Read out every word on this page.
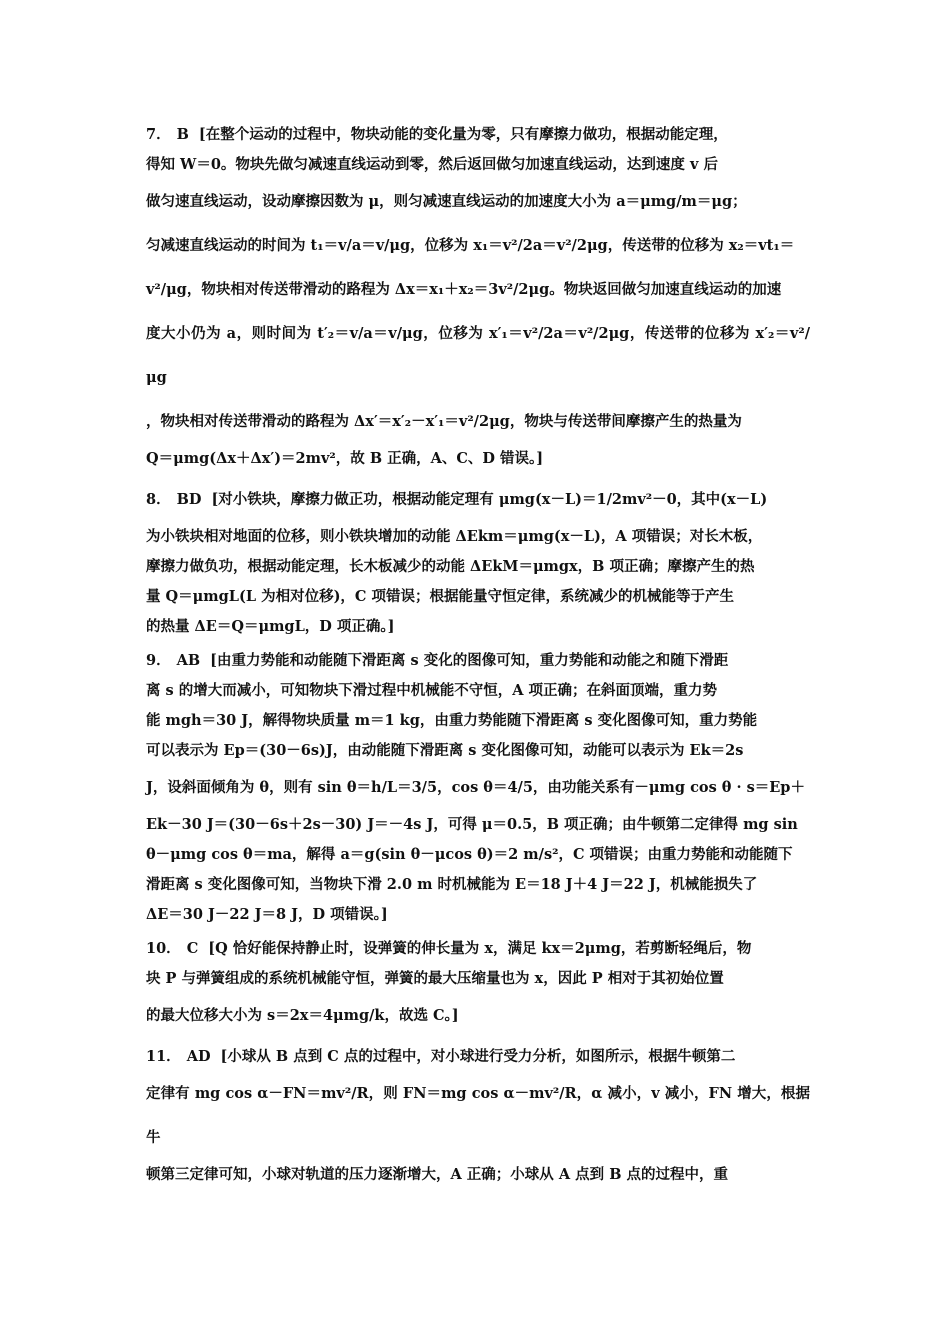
7． B [在整个运动的过程中，物块动能的变化量为零，只有摩擦力做功，根据动能定理，
得知 W＝0。物块先做匀减速直线运动到零，然后返回做匀加速直线运动，达到速度 v 后
做匀速直线运动，设动摩擦因数为 μ，则匀减速直线运动的加速度大小为 a＝μmg/m＝μg；
匀减速直线运动的时间为 t₁＝v/a＝v/μg，位移为 x₁＝v²/2a＝v²/2μg，传送带的位移为 x₂＝vt₁＝
v²/μg，物块相对传送带滑动的路程为 Δx＝x₁＋x₂＝3v²/2μg。物块返回做匀加速直线运动的加速
度大小仍为 a，则时间为 t′₂＝v/a＝v/μg，位移为 x′₁＝v²/2a＝v²/2μg，传送带的位移为 x′₂＝v²/μg
，物块相对传送带滑动的路程为 Δx′＝x′₂－x′₁＝v²/2μg，物块与传送带间摩擦产生的热量为
Q＝μmg(Δx＋Δx′)＝2mv²，故 B 正确，A、C、D 错误。]
8． BD [对小铁块，摩擦力做正功，根据动能定理有 μmg(x－L)＝1/2mv²－0，其中(x－L)
为小铁块相对地面的位移，则小铁块增加的动能 ΔEkm＝μmg(x－L)，A 项错误；对长木板，
摩擦力做负功，根据动能定理，长木板减少的动能 ΔEkM＝μmgx，B 项正确；摩擦产生的热
量 Q＝μmgL(L 为相对位移)，C 项错误；根据能量守恒定律，系统减少的机械能等于产生
的热量 ΔE＝Q＝μmgL，D 项正确。]
9． AB [由重力势能和动能随下滑距离 s 变化的图像可知，重力势能和动能之和随下滑距
离 s 的增大而减小，可知物块下滑过程中机械能不守恒，A 项正确；在斜面顶端，重力势
能 mgh＝30 J，解得物块质量 m＝1 kg，由重力势能随下滑距离 s 变化图像可知，重力势能
可以表示为 Ep＝(30－6s)J，由动能随下滑距离 s 变化图像可知，动能可以表示为 Ek＝2s
J，设斜面倾角为 θ，则有 sin θ＝h/L＝3/5，cos θ＝4/5，由功能关系有－μmg cos θ · s＝Ep＋
Ek－30 J＝(30－6s＋2s－30) J＝－4s J，可得 μ＝0.5，B 项正确；由牛顿第二定律得 mg sin
θ－μmg cos θ＝ma，解得 a＝g(sin θ－μcos θ)＝2 m/s²，C 项错误；由重力势能和动能随下
滑距离 s 变化图像可知，当物块下滑 2.0 m 时机械能为 E＝18 J＋4 J＝22 J，机械能损失了
ΔE＝30 J－22 J＝8 J，D 项错误。]
10． C [Q 恰好能保持静止时，设弹簧的伸长量为 x，满足 kx＝2μmg，若剪断轻绳后，物
块 P 与弹簧组成的系统机械能守恒，弹簧的最大压缩量也为 x，因此 P 相对于其初始位置
的最大位移大小为 s＝2x＝4μmg/k，故选 C。]
11． AD [小球从 B 点到 C 点的过程中，对小球进行受力分析，如图所示，根据牛顿第二
定律有 mg cos α－FN＝mv²/R，则 FN＝mg cos α－mv²/R，α 减小，v 减小，FN 增大，根据牛
顿第三定律可知，小球对轨道的压力逐渐增大，A 正确；小球从 A 点到 B 点的过程中，重
